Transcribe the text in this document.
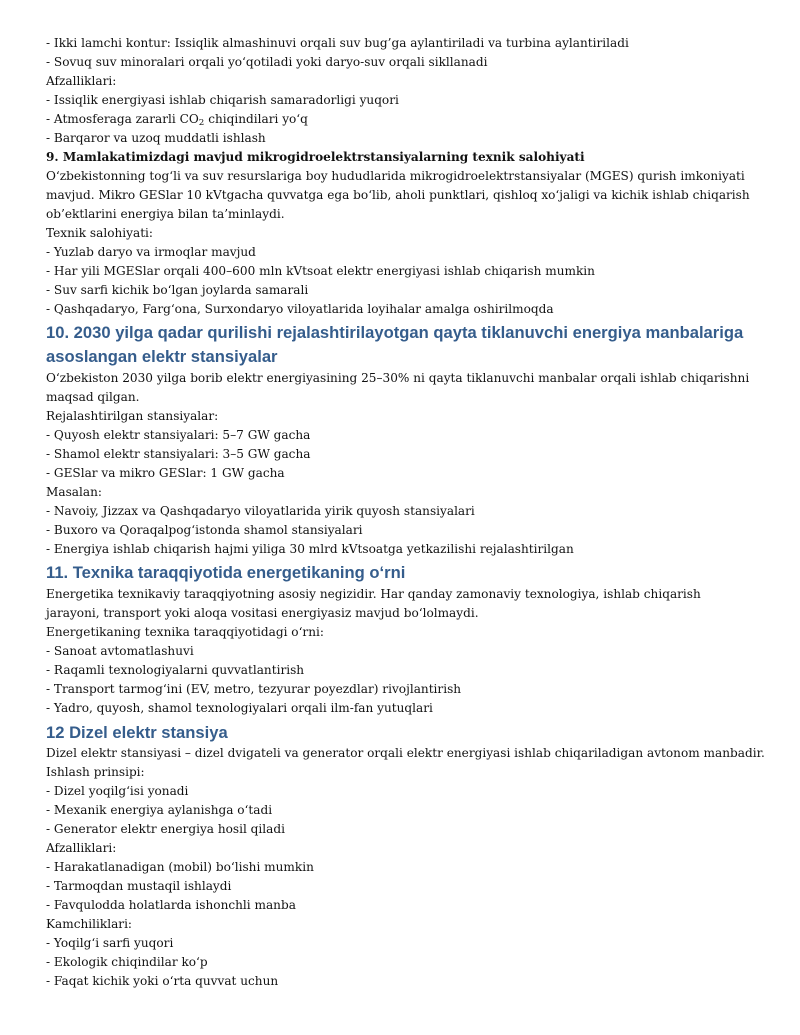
- Ikki lamchi kontur: Issiqlik almashinuvi orqali suv bug’ga aylantiriladi va turbina aylantiriladi
- Sovuq suv minoralari orqali yo‘qotiladi yoki daryo-suv orqali sikllanadi
Afzalliklari:
- Issiqlik energiyasi ishlab chiqarish samaradorligi yuqori
- Atmosferaga zararli $CO_2$ chiqindilari yo‘q
- Barqaror va uzoq muddatli ishlash
9. Mamlakatimizdagi mavjud mikrogidroelektrstansiyalarning texnik salohiyati
O‘zbekistonning tog‘li va suv resurslariga boy hududlarida mikrogidroelektrstansiyalar (MGES) qurish imkoniyati mavjud. Mikro GESlar 10 kVtgacha quvvatga ega bo‘lib, aholi punktlari, qishloq xo‘jaligi va kichik ishlab chiqarish ob’ektlarini energiya bilan ta’minlaydi.
Texnik salohiyati:
- Yuzlab daryo va irmoqlar mavjud
- Har yili MGESlar orqali 400–600 mln kVtsoat elektr energiyasi ishlab chiqarish mumkin
- Suv sarfi kichik bo‘lgan joylarda samarali
- Qashqadaryo, Farg‘ona, Surxondaryo viloyatlarida loyihalar amalga oshirilmoqda
10. 2030 yilga qadar qurilishi rejalashtirilayotgan qayta tiklanuvchi energiya manbalariga asoslangan elektr stansiyalar
O‘zbekiston 2030 yilga borib elektr energiyasining 25–30% ni qayta tiklanuvchi manbalar orqali ishlab chiqarishni maqsad qilgan.
Rejalashtirilgan stansiyalar:
- Quyosh elektr stansiyalari: 5–7 GW gacha
- Shamol elektr stansiyalari: 3–5 GW gacha
- GESlar va mikro GESlar: 1 GW gacha
Masalan:
- Navoiy, Jizzax va Qashqadaryo viloyatlarida yirik quyosh stansiyalari
- Buxoro va Qoraqalpog‘istonda shamol stansiyalari
- Energiya ishlab chiqarish hajmi yiliga 30 mlrd kVtsoatga yetkazilishi rejalashtirilgan
11. Texnika taraqqiyotida energetikaning o‘rni
Energetika texnikaviy taraqqiyotning asosiy negizidir. Har qanday zamonaviy texnologiya, ishlab chiqarish jarayoni, transport yoki aloqa vositasi energiyasiz mavjud bo‘lolmaydi.
Energetikaning texnika taraqqiyotidagi o‘rni:
- Sanoat avtomatlashuvi
- Raqamli texnologiyalarni quvvatlantirish
- Transport tarmog‘ini (EV, metro, tezyurar poyezdlar) rivojlantirish
- Yadro, quyosh, shamol texnologiyalari orqali ilm-fan yutuqlari
12 Dizel elektr stansiya
Dizel elektr stansiyasi – dizel dvigateli va generator orqali elektr energiyasi ishlab chiqariladigan avtonom manbadir.
Ishlash prinsipi:
- Dizel yoqilg‘isi yonadi
- Mexanik energiya aylanishga o‘tadi
- Generator elektr energiya hosil qiladi
Afzalliklari:
- Harakatlanadigan (mobil) bo‘lishi mumkin
- Tarmoqdan mustaqil ishlaydi
- Favqulodda holatlarda ishonchli manba
Kamchiliklari:
- Yoqilg‘i sarfi yuqori
- Ekologik chiqindilar ko‘p
- Faqat kichik yoki o‘rta quvvat uchun
